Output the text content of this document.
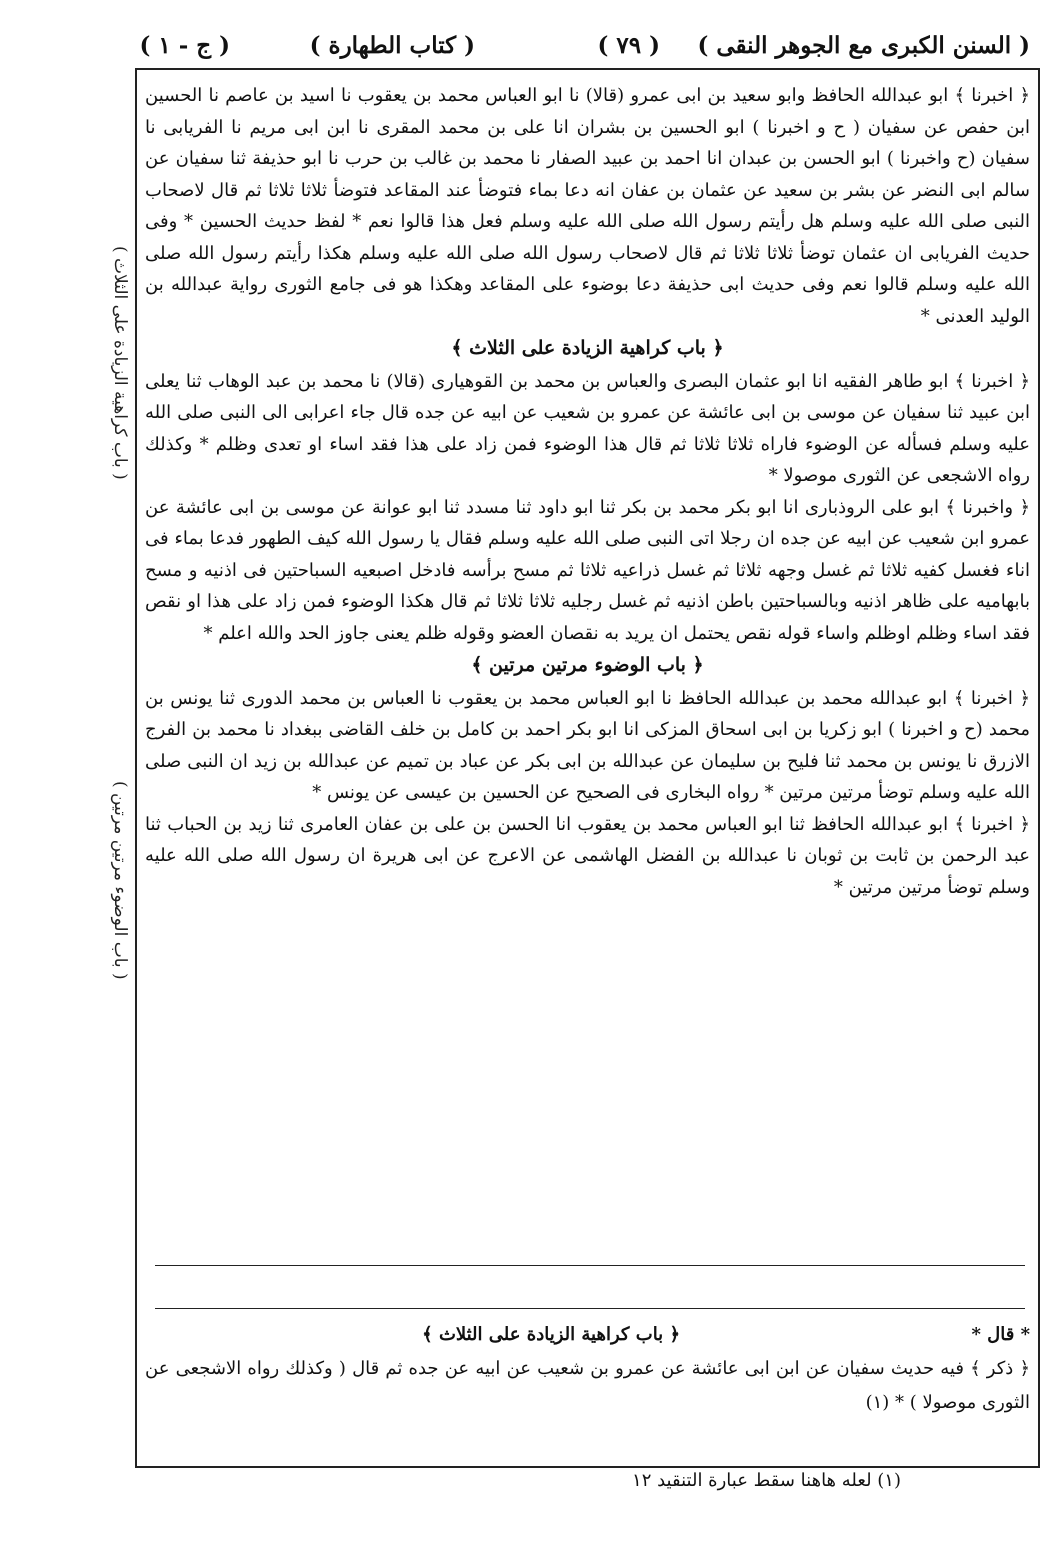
( السنن الكبرى مع الجوهر النقى )
( ٧٩ )
( كتاب الطهارة )
( ج - ١ )
( باب كراهية الزيادة على الثلاث )
( باب الوضوء مرتين مرتين )

﴿ اخبرنا ﴾ ابو عبدالله الحافظ وابو سعيد بن ابى عمرو (قالا) نا ابو العباس محمد بن يعقوب نا اسيد بن عاصم نا الحسين ابن حفص عن سفيان ( ح و اخبرنا ) ابو الحسين بن بشران انا على بن محمد المقرى نا ابن ابى مريم نا الفريابى نا سفيان (ح واخبرنا ) ابو الحسن بن عبدان انا احمد بن عبيد الصفار نا محمد بن غالب بن حرب نا ابو حذيفة ثنا سفيان عن سالم ابى النضر عن بشر بن سعيد عن عثمان بن عفان انه دعا بماء فتوضأ عند المقاعد فتوضأ ثلاثا ثلاثا ثم قال لاصحاب النبى صلى الله عليه وسلم هل رأيتم رسول الله صلى الله عليه وسلم فعل هذا قالوا نعم * لفظ حديث الحسين * وفى حديث الفريابى ان عثمان توضأ ثلاثا ثلاثا ثم قال لاصحاب رسول الله صلى الله عليه وسلم هكذا رأيتم رسول الله صلى الله عليه وسلم قالوا نعم وفى حديث ابى حذيفة دعا بوضوء على المقاعد وهكذا هو فى جامع الثورى رواية عبدالله بن الوليد العدنى *

﴿ باب كراهية الزيادة على الثلاث ﴾

﴿ اخبرنا ﴾ ابو طاهر الفقيه انا ابو عثمان البصرى والعباس بن محمد بن القوهيارى (قالا) نا محمد بن عبد الوهاب ثنا يعلى ابن عبيد ثنا سفيان عن موسى بن ابى عائشة عن عمرو بن شعيب عن ابيه عن جده قال جاء اعرابى الى النبى صلى الله عليه وسلم فسأله عن الوضوء فاراه ثلاثا ثلاثا ثم قال هذا الوضوء فمن زاد على هذا فقد اساء او تعدى وظلم * وكذلك رواه الاشجعى عن الثورى موصولا *

﴿ واخبرنا ﴾ ابو على الروذبارى انا ابو بكر محمد بن بكر ثنا ابو داود ثنا مسدد ثنا ابو عوانة عن موسى بن ابى عائشة عن عمرو ابن شعيب عن ابيه عن جده ان رجلا اتى النبى صلى الله عليه وسلم فقال يا رسول الله كيف الطهور فدعا بماء فى اناء فغسل كفيه ثلاثا ثم غسل وجهه ثلاثا ثم غسل ذراعيه ثلاثا ثم مسح برأسه فادخل اصبعيه السباحتين فى اذنيه و مسح بابهاميه على ظاهر اذنيه وبالسباحتين باطن اذنيه ثم غسل رجليه ثلاثا ثلاثا ثم قال هكذا الوضوء فمن زاد على هذا او نقص فقد اساء وظلم اوظلم واساء قوله نقص يحتمل ان يريد به نقصان العضو وقوله ظلم يعنى جاوز الحد والله اعلم *

﴿ باب الوضوء مرتين مرتين ﴾

﴿ اخبرنا ﴾ ابو عبدالله محمد بن عبدالله الحافظ نا ابو العباس محمد بن يعقوب نا العباس بن محمد الدورى ثنا يونس بن محمد (ح و اخبرنا ) ابو زكريا بن ابى اسحاق المزكى انا ابو بكر احمد بن كامل بن خلف القاضى ببغداد نا محمد بن الفرج الازرق نا يونس بن محمد ثنا فليح بن سليمان عن عبدالله بن ابى بكر عن عباد بن تميم عن عبدالله بن زيد ان النبى صلى الله عليه وسلم توضأ مرتين مرتين * رواه البخارى فى الصحيح عن الحسين بن عيسى عن يونس *

﴿ اخبرنا ﴾ ابو عبدالله الحافظ ثنا ابو العباس محمد بن يعقوب انا الحسن بن على بن عفان العامرى ثنا زيد بن الحباب ثنا عبد الرحمن بن ثابت بن ثوبان نا عبدالله بن الفضل الهاشمى عن الاعرج عن ابى هريرة ان رسول الله صلى الله عليه وسلم توضأ مرتين مرتين *

* قال *
﴿ باب كراهية الزيادة على الثلاث ﴾

﴿ ذكر ﴾ فيه حديث سفيان عن ابن ابى عائشة عن عمرو بن شعيب عن ابيه عن جده ثم قال ( وكذلك رواه الاشجعى عن الثورى موصولا ) * (١)

(١) لعله هاهنا سقط عبارة التنقيد ١٢
